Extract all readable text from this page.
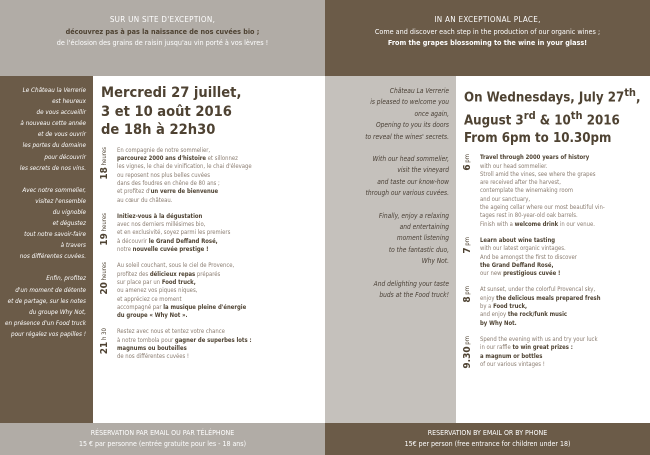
SUR UN SITE D'EXCEPTION,
découvrez pas à pas la naissance de nos cuvées bio ;
de l'éclosion des grains de raisin jusqu'au vin porté à vos lèvres !
Le Château la Verrerie
est heureux
de vous accueillir
à nouveau cette année
et de vous ouvrir
les portes du domaine
pour découvrir
les secrets de nos vins.
Avec notre sommelier,
visitez l'ensemble
du vignoble
et dégustez
tout notre savoir-faire
à travers
nos différentes cuvées.
Enfin, profitez
d'un moment de détente
et de partage, sur les notes
du groupe Why Not,
en présence d'un Food truck
pour régalez vos papilles !
Mercredi 27 juillet,
3 et 10 août 2016
de 18h à 22h30
18 heures	En compagnie de notre sommelier,
parcourez 2000 ans d'histoire et sillonnez
les vignes, le chai de vinification, le chai d'élevage
ou reposent nos plus belles cuvées
dans des foudres en chêne de 80 ans ;
et profitez d'un verre de bienvenue
au cœur du château.
19 heures	Initiez-vous à la dégustation
avec nos derniers millésimes bio,
et en exclusivité, soyez parmi les premiers
à découvrir le Grand Deffand Rosé,
notre nouvelle cuvée prestige !
20 heures	Au soleil couchant, sous le ciel de Provence,
profitez des délicieux repas préparés
sur place par un Food truck,
ou amenez vos piques niques,
et appréciez ce moment
accompagné par la musique pleine d'énergie
du groupe « Why Not ».
21 h 30	Restez avec nous et tentez votre chance
à notre tombola pour gagner de superbes lots :
magnums ou bouteilles
de nos différentes cuvées !
RÉSERVATION PAR EMAIL OU PAR TÉLÉPHONE
15 € par personne (entrée gratuite pour les - 18 ans)
IN AN EXCEPTIONAL PLACE,
Come and discover each step in the production of our organic wines ;
From the grapes blossoming to the wine in your glass!
Château La Verrerie
is pleased to welcome you
once again,
Opening to you its doors
to reveal the wines' secrets.
With our head sommelier,
visit the vineyard
and taste our know-how
through our various cuvées.
Finally, enjoy a relaxing
and entertaining
moment listening
to the fantastic duo,
Why Not.
And delighting your taste
buds at the Food truck!
On Wednesdays, July 27th,
August 3rd & 10th 2016
From 6pm to 10.30pm
6 pm	Travel through 2000 years of history
with our head sommelier.
Stroll amid the vines, see where the grapes
are received after the harvest,
contemplate the winemaking room
and our sanctuary,
the ageing cellar where our most beautiful vin-
tages rest in 80-year-old oak barrels.
Finish with a welcome drink in our venue.
7 pm	Learn about wine tasting
with our latest organic vintages.
And be amongst the first to discover
the Grand Deffand Rosé,
our new prestigious cuvée !
8 pm	At sunset, under the colorful Provencal sky,
enjoy the delicious meals prepared fresh
by a Food truck,
and enjoy the rock/funk music
by Why Not.
9.30 pm	Spend the evening with us and try your luck
in our raffle to win great prizes :
a magnum or bottles
of our various vintages !
RESERVATION BY EMAIL OR BY PHONE
15€ per person (free entrance for children under 18)
